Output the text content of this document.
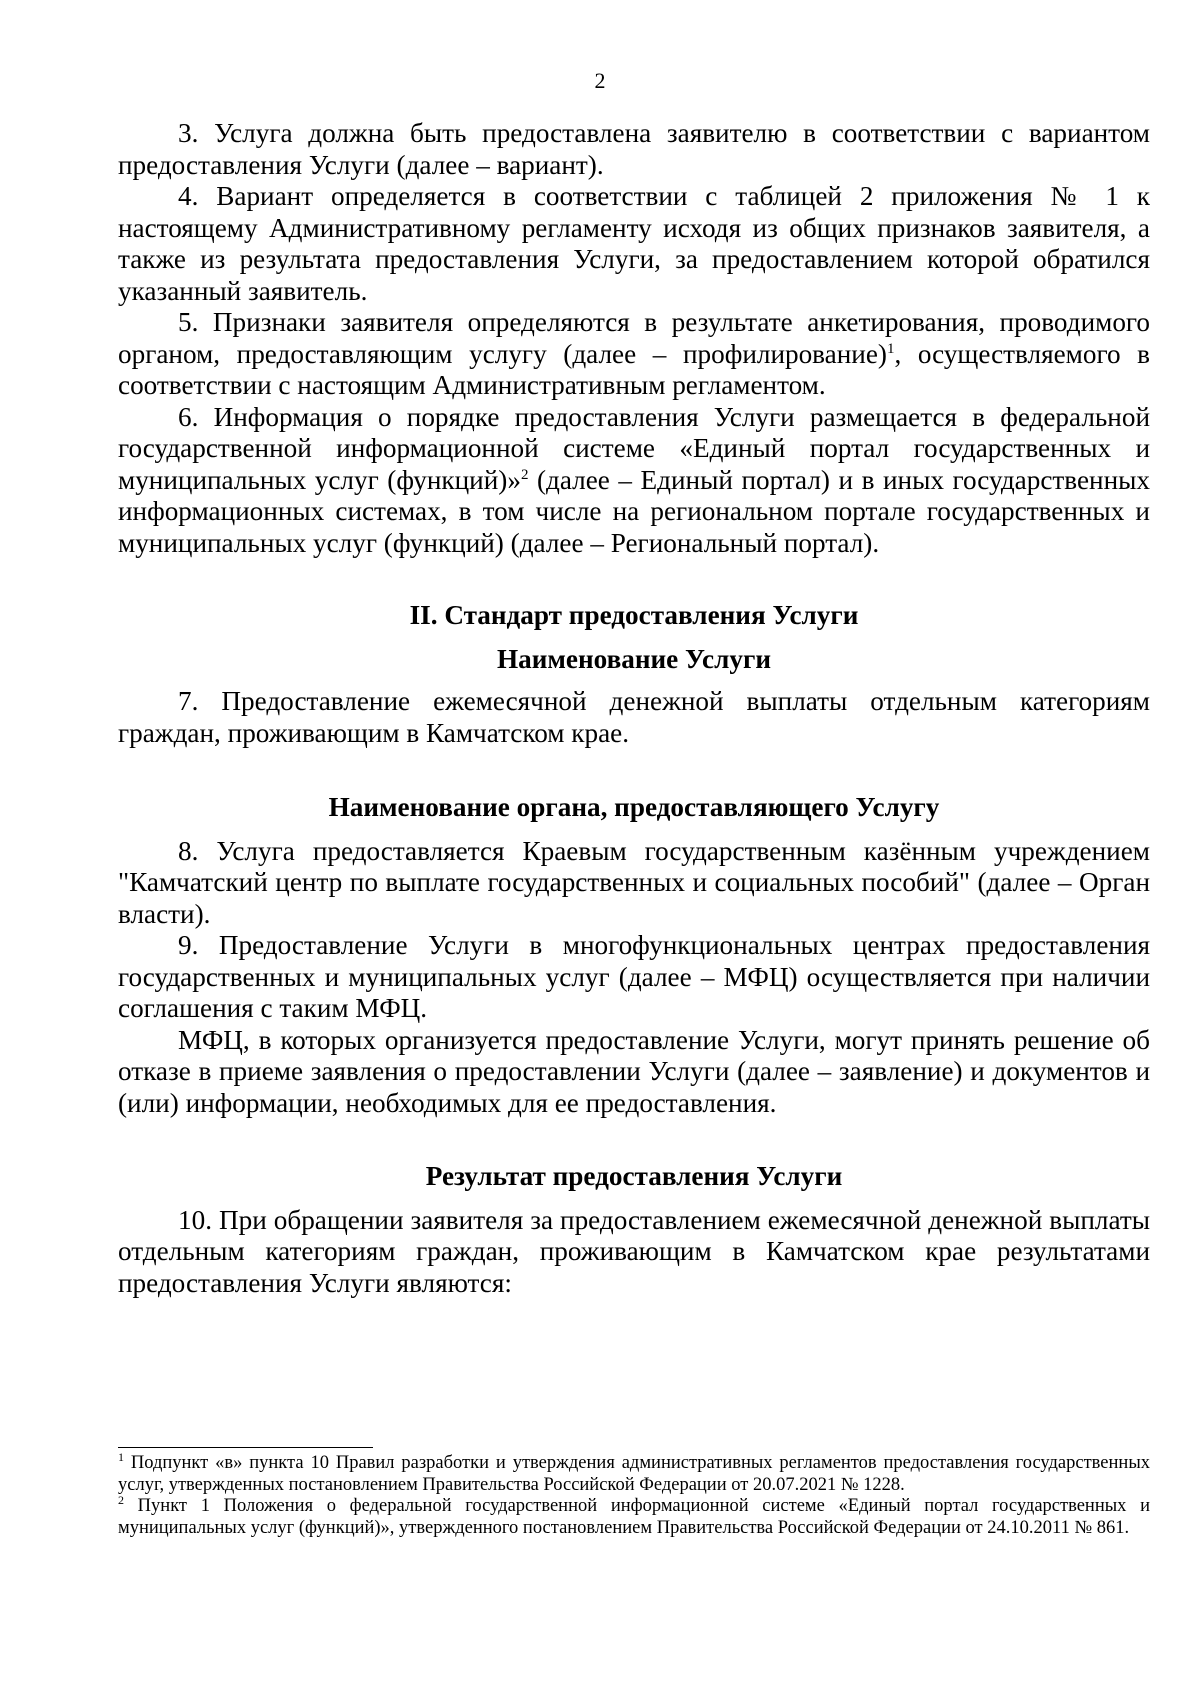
2

3. Услуга должна быть предоставлена заявителю в соответствии с вариантом предоставления Услуги (далее – вариант).

4. Вариант определяется в соответствии с таблицей 2 приложения № 1 к настоящему Административному регламенту исходя из общих признаков заявителя, а также из результата предоставления Услуги, за предоставлением которой обратился указанный заявитель.

5. Признаки заявителя определяются в результате анкетирования, проводимого органом, предоставляющим услугу (далее – профилирование)$^1$, осуществляемого в соответствии с настоящим Административным регламентом.

6. Информация о порядке предоставления Услуги размещается в федеральной государственной информационной системе «Единый портал государственных и муниципальных услуг (функций)»$^2$ (далее – Единый портал) и в иных государственных информационных системах, в том числе на региональном портале государственных и муниципальных услуг (функций) (далее – Региональный портал).

II. Стандарт предоставления Услуги
Наименование Услуги

7. Предоставление ежемесячной денежной выплаты отдельным категориям граждан, проживающим в Камчатском крае.

Наименование органа, предоставляющего Услугу

8. Услуга предоставляется Краевым государственным казённым учреждением "Камчатский центр по выплате государственных и социальных пособий" (далее – Орган власти).

9. Предоставление Услуги в многофункциональных центрах предоставления государственных и муниципальных услуг (далее – МФЦ) осуществляется при наличии соглашения с таким МФЦ.

МФЦ, в которых организуется предоставление Услуги, могут принять решение об отказе в приеме заявления о предоставлении Услуги (далее – заявление) и документов и (или) информации, необходимых для ее предоставления.

Результат предоставления Услуги

10. При обращении заявителя за предоставлением ежемесячной денежной выплаты отдельным категориям граждан, проживающим в Камчатском крае результатами предоставления Услуги являются:

$^1$ Подпункт «в» пункта 10 Правил разработки и утверждения административных регламентов предоставления государственных услуг, утвержденных постановлением Правительства Российской Федерации от 20.07.2021 № 1228.

$^2$ Пункт 1 Положения о федеральной государственной информационной системе «Единый портал государственных и муниципальных услуг (функций)», утвержденного постановлением Правительства Российской Федерации от 24.10.2011 № 861.
